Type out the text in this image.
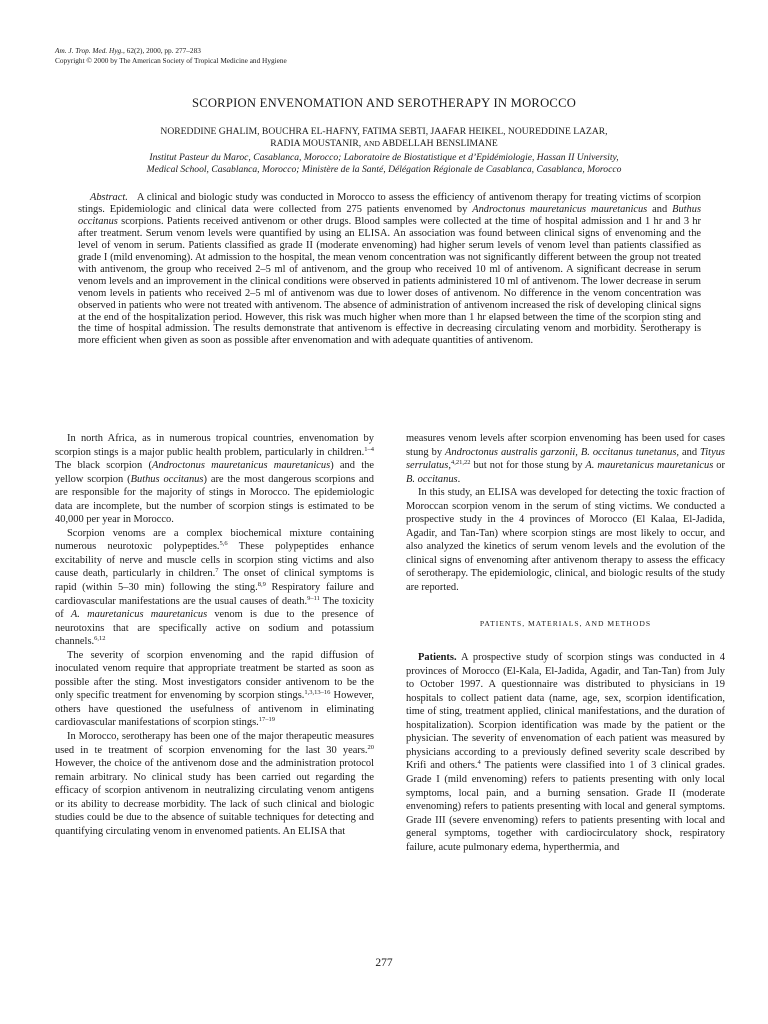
Am. J. Trop. Med. Hyg., 62(2), 2000, pp. 277–283
Copyright © 2000 by The American Society of Tropical Medicine and Hygiene
SCORPION ENVENOMATION AND SEROTHERAPY IN MOROCCO
NOREDDINE GHALIM, BOUCHRA EL-HAFNY, FATIMA SEBTI, JAAFAR HEIKEL, NOUREDDINE LAZAR,
RADIA MOUSTANIR, AND ABDELLAH BENSLIMANE
Institut Pasteur du Maroc, Casablanca, Morocco; Laboratoire de Biostatistique et d’Epidémiologie, Hassan II University,
Medical School, Casablanca, Morocco; Ministère de la Santé, Délégation Régionale de Casablanca, Casablanca, Morocco
Abstract. A clinical and biologic study was conducted in Morocco to assess the efficiency of antivenom therapy for treating victims of scorpion stings. Epidemiologic and clinical data were collected from 275 patients envenomed by Androctonus mauretanicus mauretanicus and Buthus occitanus scorpions. Patients received antivenom or other drugs. Blood samples were collected at the time of hospital admission and 1 hr and 3 hr after treatment. Serum venom levels were quantified by using an ELISA. An association was found between clinical signs of envenoming and the level of venom in serum. Patients classified as grade II (moderate envenoming) had higher serum levels of venom level than patients classified as grade I (mild envenoming). At admission to the hospital, the mean venom concentration was not significantly different between the group not treated with antivenom, the group who received 2–5 ml of antivenom, and the group who received 10 ml of antivenom. A significant decrease in serum venom levels and an improvement in the clinical conditions were observed in patients administered 10 ml of antivenom. The lower decrease in serum venom levels in patients who received 2–5 ml of antivenom was due to lower doses of antivenom. No difference in the venom concentration was observed in patients who were not treated with antivenom. The absence of administration of antivenom increased the risk of developing clinical signs at the end of the hospitalization period. However, this risk was much higher when more than 1 hr elapsed between the time of the scorpion sting and the time of hospital admission. The results demonstrate that antivenom is effective in decreasing circulating venom and morbidity. Serotherapy is more efficient when given as soon as possible after envenomation and with adequate quantities of antivenom.

In north Africa, as in numerous tropical countries, envenomation by scorpion stings is a major public health problem, particularly in children.$^{1-4}$ The black scorpion (Androctonus mauretanicus mauretanicus) and the yellow scorpion (Buthus occitanus) are the most dangerous scorpions and are responsible for the majority of stings in Morocco. The epidemiologic data are incomplete, but the number of scorpion stings is estimated to be 40,000 per year in Morocco.

Scorpion venoms are a complex biochemical mixture containing numerous neurotoxic polypeptides.$^{5,6}$ These polypeptides enhance excitability of nerve and muscle cells in scorpion sting victims and also cause death, particularly in children.$^7$ The onset of clinical symptoms is rapid (within 5–30 min) following the sting.$^{8,9}$ Respiratory failure and cardiovascular manifestations are the usual causes of death.$^{9-11}$ The toxicity of A. mauretanicus mauretanicus venom is due to the presence of neurotoxins that are specifically active on sodium and potassium channels.$^{6,12}$

The severity of scorpion envenoming and the rapid diffusion of inoculated venom require that appropriate treatment be started as soon as possible after the sting. Most investigators consider antivenom to be the only specific treatment for envenoming by scorpion stings.$^{1,3,13-16}$ However, others have questioned the usefulness of antivenom in eliminating cardiovascular manifestations of scorpion stings.$^{17-19}$

In Morocco, serotherapy has been one of the major therapeutic measures used in te treatment of scorpion envenoming for the last 30 years.$^{20}$ However, the choice of the antivenom dose and the administration protocol remain arbitrary. No clinical study has been carried out regarding the efficacy of scorpion antivenom in neutralizing circulating venom antigens or its ability to decrease morbidity. The lack of such clinical and biologic studies could be due to the absence of suitable techniques for detecting and quantifying circulating venom in envenomed patients. An ELISA that

measures venom levels after scorpion envenoming has been used for cases stung by Androctonus australis garzonii, B. occitanus tunetanus, and Tityus serrulatus,$^{4,21,22}$ but not for those stung by A. mauretanicus mauretanicus or B. occitanus.

In this study, an ELISA was developed for detecting the toxic fraction of Moroccan scorpion venom in the serum of sting victims. We conducted a prospective study in the 4 provinces of Morocco (El Kalaa, El-Jadida, Agadir, and Tan-Tan) where scorpion stings are most likely to occur, and also analyzed the kinetics of serum venom levels and the evolution of the clinical signs of envenoming after antivenom therapy to assess the efficacy of serotherapy. The epidemiologic, clinical, and biologic results of the study are reported.

PATIENTS, MATERIALS, AND METHODS

Patients. A prospective study of scorpion stings was conducted in 4 provinces of Morocco (El-Kala, El-Jadida, Agadir, and Tan-Tan) from July to October 1997. A questionnaire was distributed to physicians in 19 hospitals to collect patient data (name, age, sex, scorpion identification, time of sting, treatment applied, clinical manifestations, and the duration of hospitalization). Scorpion identification was made by the patient or the physician. The severity of envenomation of each patient was measured by physicians according to a previously defined severity scale described by Krifi and others.$^4$ The patients were classified into 1 of 3 clinical grades. Grade I (mild envenoming) refers to patients presenting with only local symptoms, local pain, and a burning sensation. Grade II (moderate envenoming) refers to patients presenting with local and general symptoms. Grade III (severe envenoming) refers to patients presenting with local and general symptoms, together with cardiocirculatory shock, respiratory failure, acute pulmonary edema, hyperthermia, and

277
